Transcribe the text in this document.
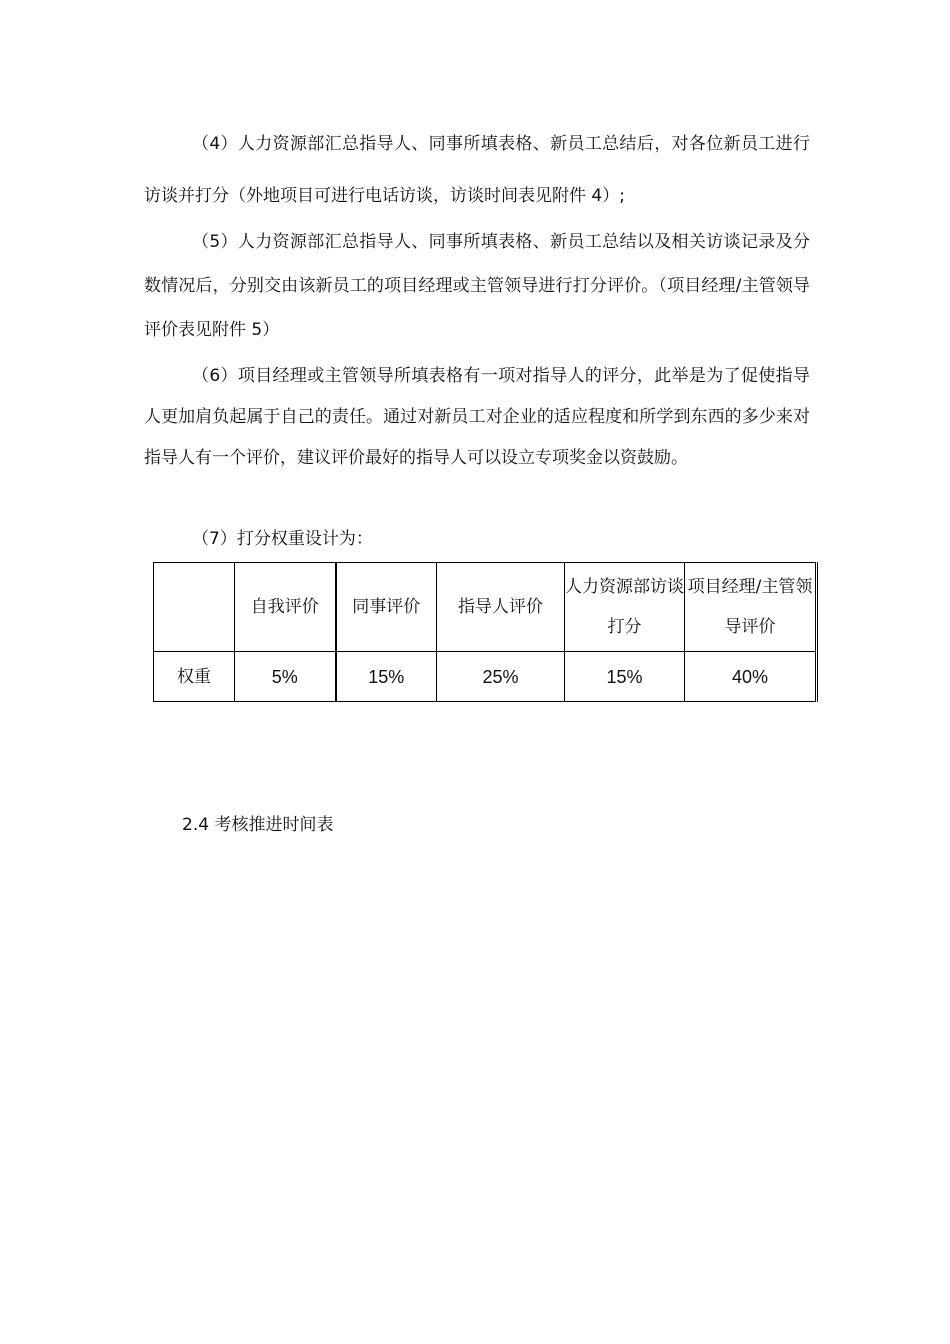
（4）人力资源部汇总指导人、同事所填表格、新员工总结后，对各位新员工进行访谈并打分（外地项目可进行电话访谈，访谈时间表见附件 4）;

（5）人力资源部汇总指导人、同事所填表格、新员工总结以及相关访谈记录及分数情况后，分别交由该新员工的项目经理或主管领导进行打分评价。（项目经理/主管领导评价表见附件 5）

（6）项目经理或主管领导所填表格有一项对指导人的评分，此举是为了促使指导人更加肩负起属于自己的责任。通过对新员工对企业的适应程度和所学到东西的多少来对指导人有一个评价，建议评价最好的指导人可以设立专项奖金以资鼓励。

（7）打分权重设计为：

	自我评价	同事评价	指导人评价	人力资源部访谈打分	项目经理/主管领导评价
权重	5%	15%	25%	15%	40%

2.4 考核推进时间表
